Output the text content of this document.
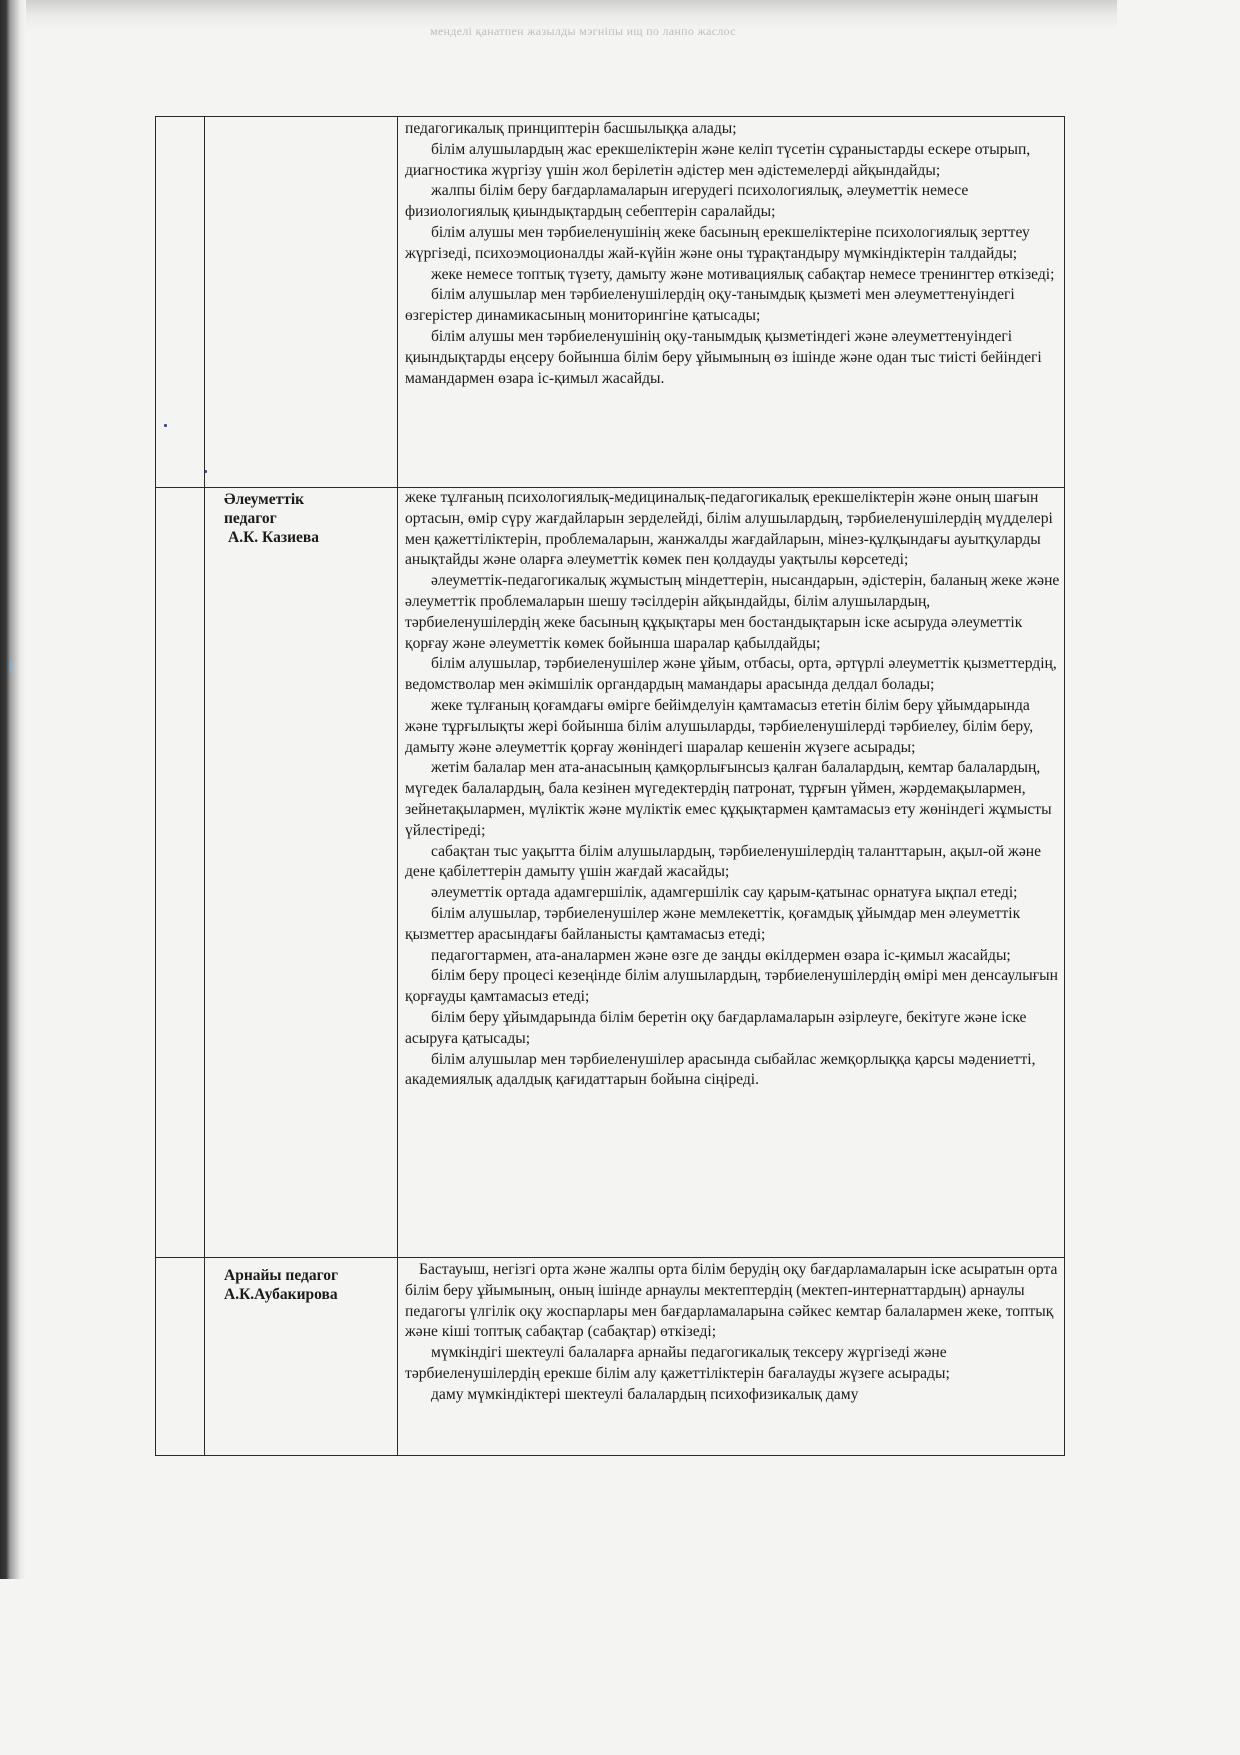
менделі қанатпен жазылды мэгніпы ищ по ланпо жаслос

педагогикалық принциптерін басшылыққа алады;

білім алушылардың жас ерекшеліктерін және келіп түсетін сұраныстарды ескере отырып, диагностика жүргізу үшін жол берілетін әдістер мен әдістемелерді айқындайды;

жалпы білім беру бағдарламаларын игерудегі психологиялық, әлеуметтік немесе физиологиялық қиындықтардың себептерін саралайды;

білім алушы мен тәрбиеленушінің жеке басының ерекшеліктеріне психологиялық зерттеу жүргізеді, психоэмоционалды жай-күйін және оны тұрақтандыру мүмкіндіктерін талдайды;

жеке немесе топтық түзету, дамыту және мотивациялық сабақтар немесе тренингтер өткізеді;

білім алушылар мен тәрбиеленушілердің оқу-танымдық қызметі мен әлеуметтенуіндегі өзгерістер динамикасының мониторингіне қатысады;

білім алушы мен тәрбиеленушінің оқу-танымдық қызметіндегі және әлеуметтенуіндегі қиындықтарды еңсеру бойынша білім беру ұйымының өз ішінде және одан тыс тиісті бейіндегі мамандармен өзара іс-қимыл жасайды.

Әлеуметтік
педагог
А.К. Казиева

жеке тұлғаның психологиялық-медициналық-педагогикалық ерекшеліктерін және оның шағын ортасын, өмір сүру жағдайларын зерделейді, білім алушылардың, тәрбиеленушілердің мүдделері мен қажеттіліктерін, проблемаларын, жанжалды жағдайларын, мінез-құлқындағы ауытқуларды анықтайды және оларға әлеуметтік көмек пен қолдауды уақтылы көрсетеді;

әлеуметтік-педагогикалық жұмыстың міндеттерін, нысандарын, әдістерін, баланың жеке және әлеуметтік проблемаларын шешу тәсілдерін айқындайды, білім алушылардың, тәрбиеленушілердің жеке басының құқықтары мен бостандықтарын іске асыруда әлеуметтік қорғау және әлеуметтік көмек бойынша шаралар қабылдайды;

білім алушылар, тәрбиеленушілер және ұйым, отбасы, орта, әртүрлі әлеуметтік қызметтердің, ведомстволар мен әкімшілік органдардың мамандары арасында делдал болады;

жеке тұлғаның қоғамдағы өмірге бейімделуін қамтамасыз ететін білім беру ұйымдарында және тұрғылықты жері бойынша білім алушыларды, тәрбиеленушілерді тәрбиелеу, білім беру, дамыту және әлеуметтік қорғау жөніндегі шаралар кешенін жүзеге асырады;

жетім балалар мен ата-анасының қамқорлығынсыз қалған балалардың, кемтар балалардың, мүгедек балалардың, бала кезінен мүгедектердің патронат, тұрғын үймен, жәрдемақылармен, зейнетақылармен, мүліктік және мүліктік емес құқықтармен қамтамасыз ету жөніндегі жұмысты үйлестіреді;

сабақтан тыс уақытта білім алушылардың, тәрбиеленушілердің таланттарын, ақыл-ой және дене қабілеттерін дамыту үшін жағдай жасайды;

әлеуметтік ортада адамгершілік, адамгершілік сау қарым-қатынас орнатуға ықпал етеді;

білім алушылар, тәрбиеленушілер және мемлекеттік, қоғамдық ұйымдар мен әлеуметтік қызметтер арасындағы байланысты қамтамасыз етеді;

педагогтармен, ата-аналармен және өзге де заңды өкілдермен өзара іс-қимыл жасайды;

білім беру процесі кезеңінде білім алушылардың, тәрбиеленушілердің өмірі мен денсаулығын қорғауды қамтамасыз етеді;

білім беру ұйымдарында білім беретін оқу бағдарламаларын әзірлеуге, бекітуге және іске асыруға қатысады;

білім алушылар мен тәрбиеленушілер арасында сыбайлас жемқорлыққа қарсы мәдениетті, академиялық адалдық қағидаттарын бойына сіңіреді.

Арнайы педагог
А.К.Аубакирова

Бастауыш, негізгі орта және жалпы орта білім берудің оқу бағдарламаларын іске асыратын орта білім беру ұйымының, оның ішінде арнаулы мектептердің (мектеп-интернаттардың) арнаулы педагогы үлгілік оқу жоспарлары мен бағдарламаларына сәйкес кемтар балалармен жеке, топтық және кіші топтық сабақтар (сабақтар) өткізеді;

мүмкіндігі шектеулі балаларға арнайы педагогикалық тексеру жүргізеді және тәрбиеленушілердің ерекше білім алу қажеттіліктерін бағалауды жүзеге асырады;

даму мүмкіндіктері шектеулі балалардың психофизикалық даму
